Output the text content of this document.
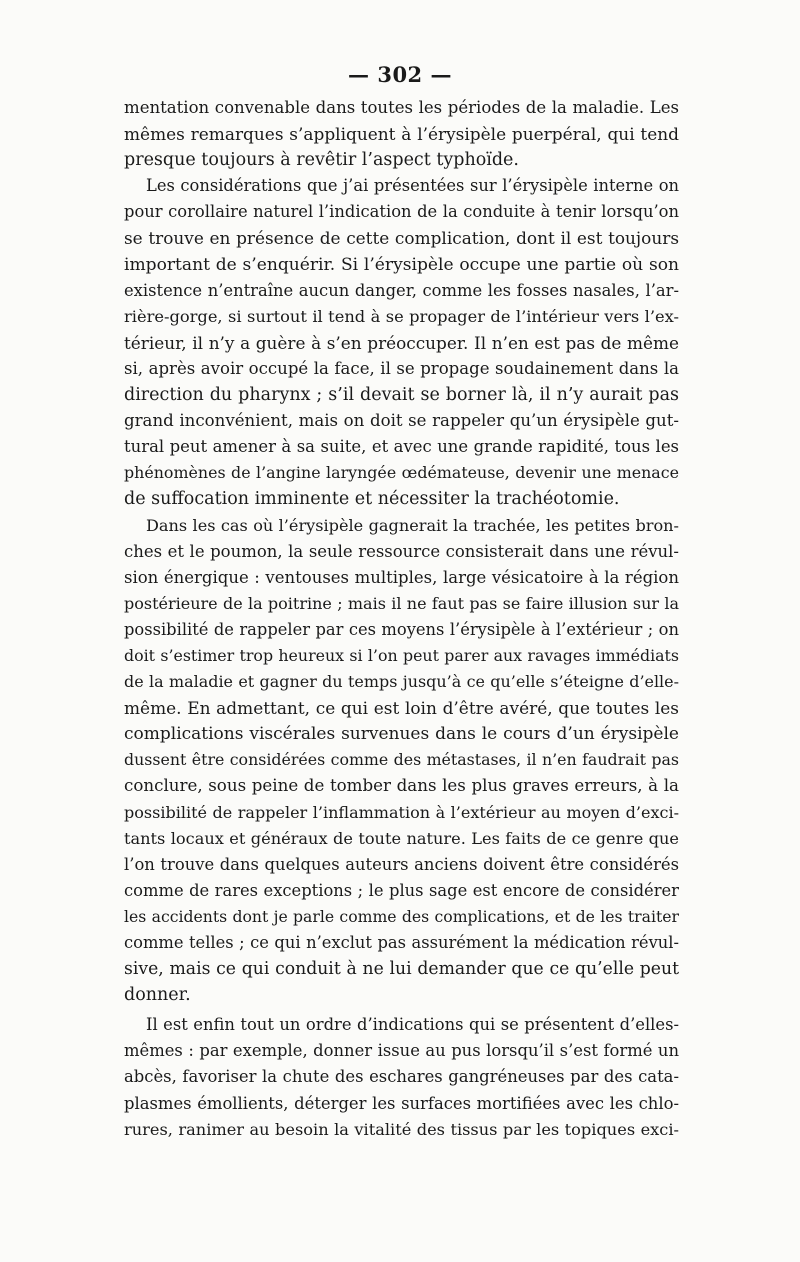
— 302 —
mentation convenable dans toutes les périodes de la maladie. Les
mêmes remarques s’appliquent à l’érysipèle puerpéral, qui tend
presque toujours à revêtir l’aspect typhoïde.
Les considérations que j’ai présentées sur l’érysipèle interne on
pour corollaire naturel l’indication de la conduite à tenir lorsqu’on
se trouve en présence de cette complication, dont il est toujours
important de s’enquérir. Si l’érysipèle occupe une partie où son
existence n’entraîne aucun danger, comme les fosses nasales, l’ar-
rière-gorge, si surtout il tend à se propager de l’intérieur vers l’ex-
térieur, il n’y a guère à s’en préoccuper. Il n’en est pas de même
si, après avoir occupé la face, il se propage soudainement dans la
direction du pharynx ; s’il devait se borner là, il n’y aurait pas
grand inconvénient, mais on doit se rappeler qu’un érysipèle gut-
tural peut amener à sa suite, et avec une grande rapidité, tous les
phénomènes de l’angine laryngée œdémateuse, devenir une menace
de suffocation imminente et nécessiter la trachéotomie.
Dans les cas où l’érysipèle gagnerait la trachée, les petites bron-
ches et le poumon, la seule ressource consisterait dans une révul-
sion énergique : ventouses multiples, large vésicatoire à la région
postérieure de la poitrine ; mais il ne faut pas se faire illusion sur la
possibilité de rappeler par ces moyens l’érysipèle à l’extérieur ; on
doit s’estimer trop heureux si l’on peut parer aux ravages immédiats
de la maladie et gagner du temps jusqu’à ce qu’elle s’éteigne d’elle-
même. En admettant, ce qui est loin d’être avéré, que toutes les
complications viscérales survenues dans le cours d’un érysipèle
dussent être considérées comme des métastases, il n’en faudrait pas
conclure, sous peine de tomber dans les plus graves erreurs, à la
possibilité de rappeler l’inflammation à l’extérieur au moyen d’exci-
tants locaux et généraux de toute nature. Les faits de ce genre que
l’on trouve dans quelques auteurs anciens doivent être considérés
comme de rares exceptions ; le plus sage est encore de considérer
les accidents dont je parle comme des complications, et de les traiter
comme telles ; ce qui n’exclut pas assurément la médication révul-
sive, mais ce qui conduit à ne lui demander que ce qu’elle peut
donner.
Il est enfin tout un ordre d’indications qui se présentent d’elles-
mêmes : par exemple, donner issue au pus lorsqu’il s’est formé un
abcès, favoriser la chute des eschares gangréneuses par des cata-
plasmes émollients, déterger les surfaces mortifiées avec les chlo-
rures, ranimer au besoin la vitalité des tissus par les topiques exci-
